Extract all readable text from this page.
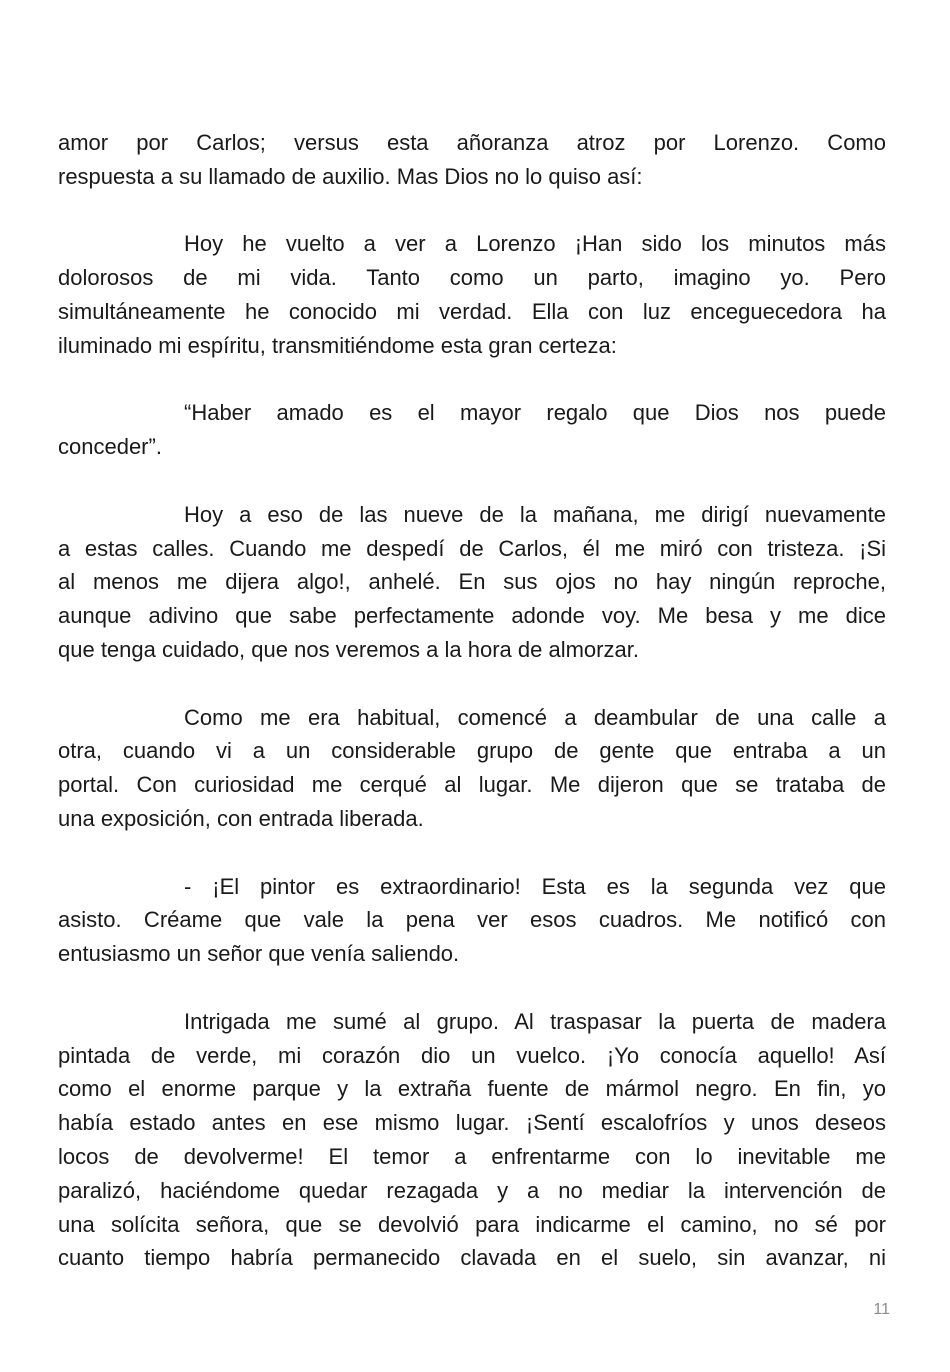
amor por Carlos; versus esta añoranza atroz por Lorenzo. Como
respuesta a su llamado de auxilio. Mas Dios no lo quiso así:
Hoy he vuelto a ver a Lorenzo ¡Han sido los minutos más
dolorosos de mi vida. Tanto como un parto, imagino yo. Pero
simultáneamente he conocido mi verdad. Ella con luz enceguecedora ha
iluminado mi espíritu, transmitiéndome esta gran certeza:
“Haber amado es el mayor regalo que Dios nos puede
conceder”.
Hoy a eso de las nueve de la mañana, me dirigí nuevamente
a estas calles. Cuando me despedí de Carlos, él me miró con tristeza. ¡Si
al menos me dijera algo!, anhelé. En sus ojos no hay ningún reproche,
aunque adivino que sabe perfectamente adonde voy. Me besa y me dice
que tenga cuidado, que nos veremos a la hora de almorzar.
Como me era habitual, comencé a deambular de una calle a
otra, cuando vi a un considerable grupo de gente que entraba a un
portal. Con curiosidad me cerqué al lugar. Me dijeron que se trataba de
una exposición, con entrada liberada.
- ¡El pintor es extraordinario! Esta es la segunda vez que
asisto. Créame que vale la pena ver esos cuadros. Me notificó con
entusiasmo un señor que venía saliendo.
Intrigada me sumé al grupo. Al traspasar la puerta de madera
pintada de verde, mi corazón dio un vuelco. ¡Yo conocía aquello! Así
como el enorme parque y la extraña fuente de mármol negro. En fin, yo
había estado antes en ese mismo lugar. ¡Sentí escalofríos y unos deseos
locos de devolverme! El temor a enfrentarme con lo inevitable me
paralizó, haciéndome quedar rezagada y a no mediar la intervención de
una solícita señora, que se devolvió para indicarme el camino, no sé por
cuanto tiempo habría permanecido clavada en el suelo, sin avanzar, ni
11
